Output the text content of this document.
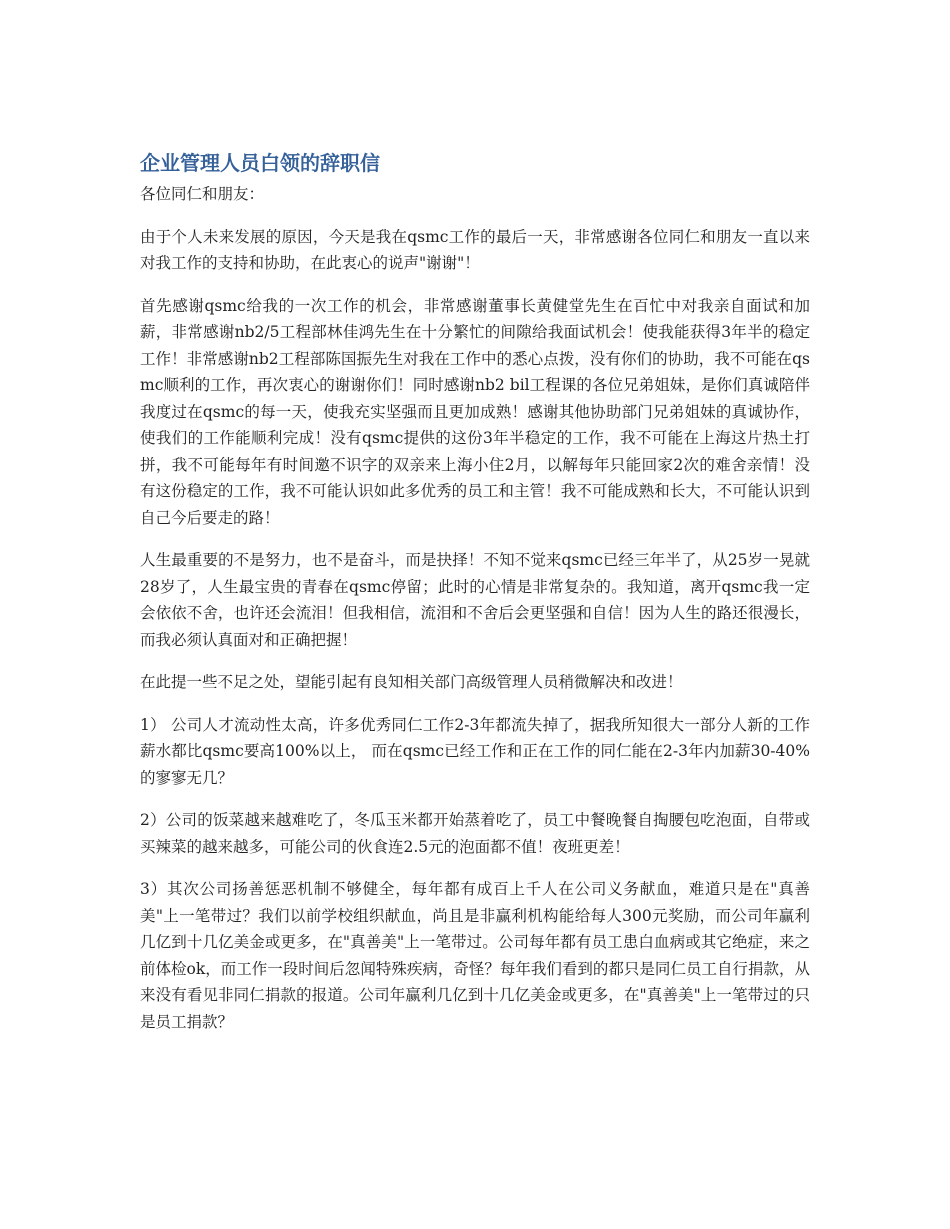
企业管理人员白领的辞职信

各位同仁和朋友：

由于个人未来发展的原因，今天是我在qsmc工作的最后一天，非常感谢各位同仁和朋友一直以来对我工作的支持和协助，在此衷心的说声"谢谢"！

首先感谢qsmc给我的一次工作的机会，非常感谢董事长黄健堂先生在百忙中对我亲自面试和加薪，非常感谢nb2/5工程部林佳鸿先生在十分繁忙的间隙给我面试机会！使我能获得3年半的稳定工作！非常感谢nb2工程部陈国振先生对我在工作中的悉心点拨，没有你们的协助，我不可能在qsmc顺利的工作，再次衷心的谢谢你们！同时感谢nb2 bil工程课的各位兄弟姐妹，是你们真诚陪伴我度过在qsmc的每一天，使我充实坚强而且更加成熟！感谢其他协助部门兄弟姐妹的真诚协作，使我们的工作能顺利完成！没有qsmc提供的这份3年半稳定的工作，我不可能在上海这片热土打拼，我不可能每年有时间邀不识字的双亲来上海小住2月，以解每年只能回家2次的难舍亲情！没有这份稳定的工作，我不可能认识如此多优秀的员工和主管！我不可能成熟和长大，不可能认识到自己今后要走的路！

人生最重要的不是努力，也不是奋斗，而是抉择！不知不觉来qsmc已经三年半了，从25岁一晃就28岁了，人生最宝贵的青春在qsmc停留；此时的心情是非常复杂的。我知道，离开qsmc我一定会依依不舍，也许还会流泪！但我相信，流泪和不舍后会更坚强和自信！因为人生的路还很漫长，而我必须认真面对和正确把握！

在此提一些不足之处，望能引起有良知相关部门高级管理人员稍微解决和改进！

1） 公司人才流动性太高，许多优秀同仁工作2-3年都流失掉了，据我所知很大一部分人新的工作薪水都比qsmc要高100%以上， 而在qsmc已经工作和正在工作的同仁能在2-3年内加薪30-40% 的寥寥无几？

2）公司的饭菜越来越难吃了，冬瓜玉米都开始蒸着吃了，员工中餐晚餐自掏腰包吃泡面，自带或买辣菜的越来越多，可能公司的伙食连2.5元的泡面都不值！夜班更差！

3）其次公司扬善惩恶机制不够健全，每年都有成百上千人在公司义务献血，难道只是在"真善美"上一笔带过？我们以前学校组织献血，尚且是非赢利机构能给每人300元奖励，而公司年赢利几亿到十几亿美金或更多，在"真善美"上一笔带过。公司每年都有员工患白血病或其它绝症，来之前体检ok，而工作一段时间后忽闻特殊疾病，奇怪？每年我们看到的都只是同仁员工自行捐款，从来没有看见非同仁捐款的报道。公司年赢利几亿到十几亿美金或更多，在"真善美"上一笔带过的只是员工捐款？
